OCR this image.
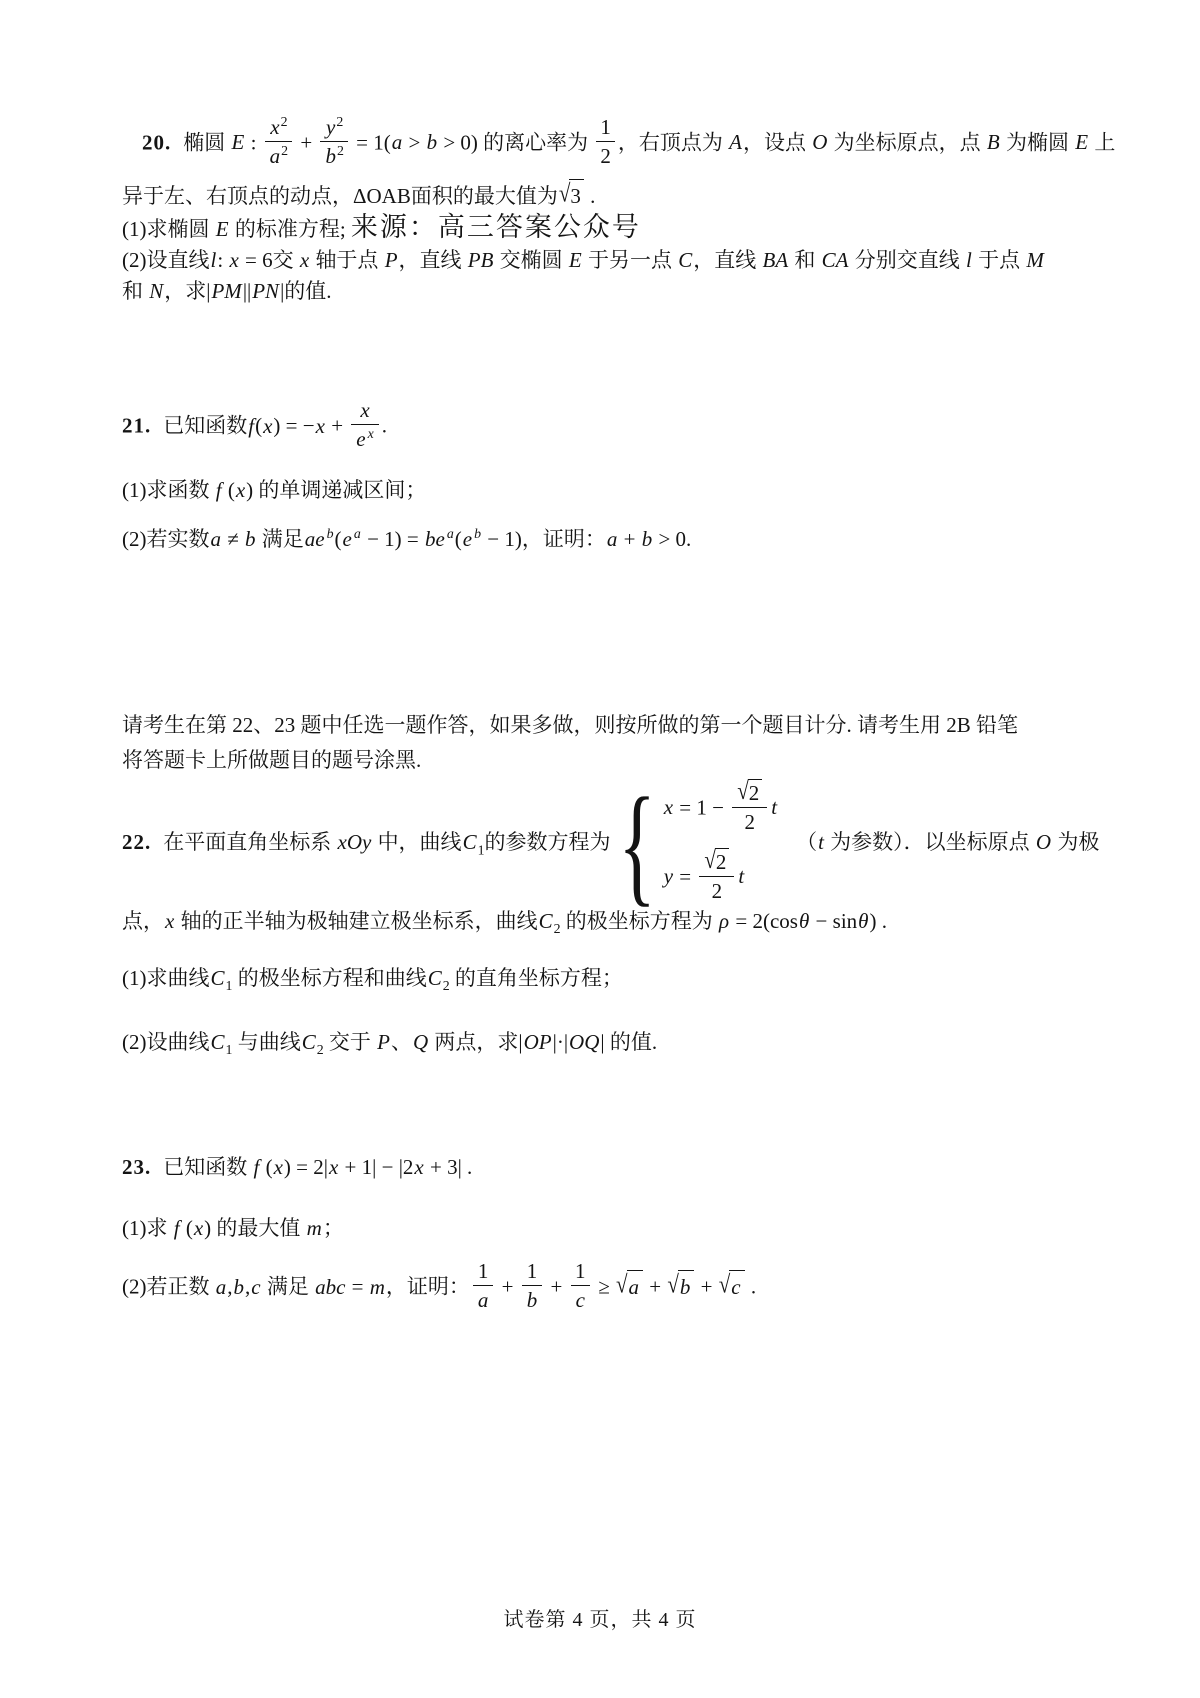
20. 椭圆 E : $\frac{x^2}{a^2} + \frac{y^2}{b^2} = 1(a > b > 0)$ 的离心率为 $\frac{1}{2}$ ，右顶点为 A，设点 O 为坐标原点，点 B 为椭圆 E 上
异于左、右顶点的动点，ΔOAB面积的最大值为√3 .
(1)求椭圆 E 的标准方程; 来源：高三答案公众号
(2)设直线l: x = 6交 x 轴于点 P，直线 PB 交椭圆 E 于另一点 C，直线 BA 和 CA 分别交直线 l 于点 M
和 N，求|PM||PN|的值.
21. 已知函数$f(x) = -x + \frac{x}{e ^x}$ .
(1)求函数 f (x) 的单调递减区间；
(2)若实数a ≠ b 满足ae $^b$(e $^a$ − 1) = be $^a$(e $^b$ − 1)，证明：a + b > 0.
请考生在第 22、23 题中任选一题作答，如果多做，则按所做的第一个题目计分. 请考生用 2B 铅笔
将答题卡上所做题目的题号涂黑.
22. 在平面直角坐标系 xOy 中，曲线$C_1$的参数方程为 { $x = 1 - \frac{√2}{2}$ t
$y = \frac{√2}{2}$ t
（t 为参数）．以坐标原点 O 为极
点，x 轴的正半轴为极轴建立极坐标系，曲线$C_2$ 的极坐标方程为 ρ = 2(cosθ − sinθ) .
(1)求曲线$C_1$ 的极坐标方程和曲线$C_2$ 的直角坐标方程；
(2)设曲线$C_1$ 与曲线$C_2$ 交于 P、Q 两点，求|OP|·|OQ| 的值.
23. 已知函数 f (x) = 2|x + 1| − |2x + 3| .
(1)求 f (x) 的最大值 m；
(2)若正数 a,b,c 满足 abc = m，证明： $\frac{1}{a} + \frac{1}{b} + \frac{1}{c} \ge √a + √b + √c$ .
试卷第 4 页，共 4 页
